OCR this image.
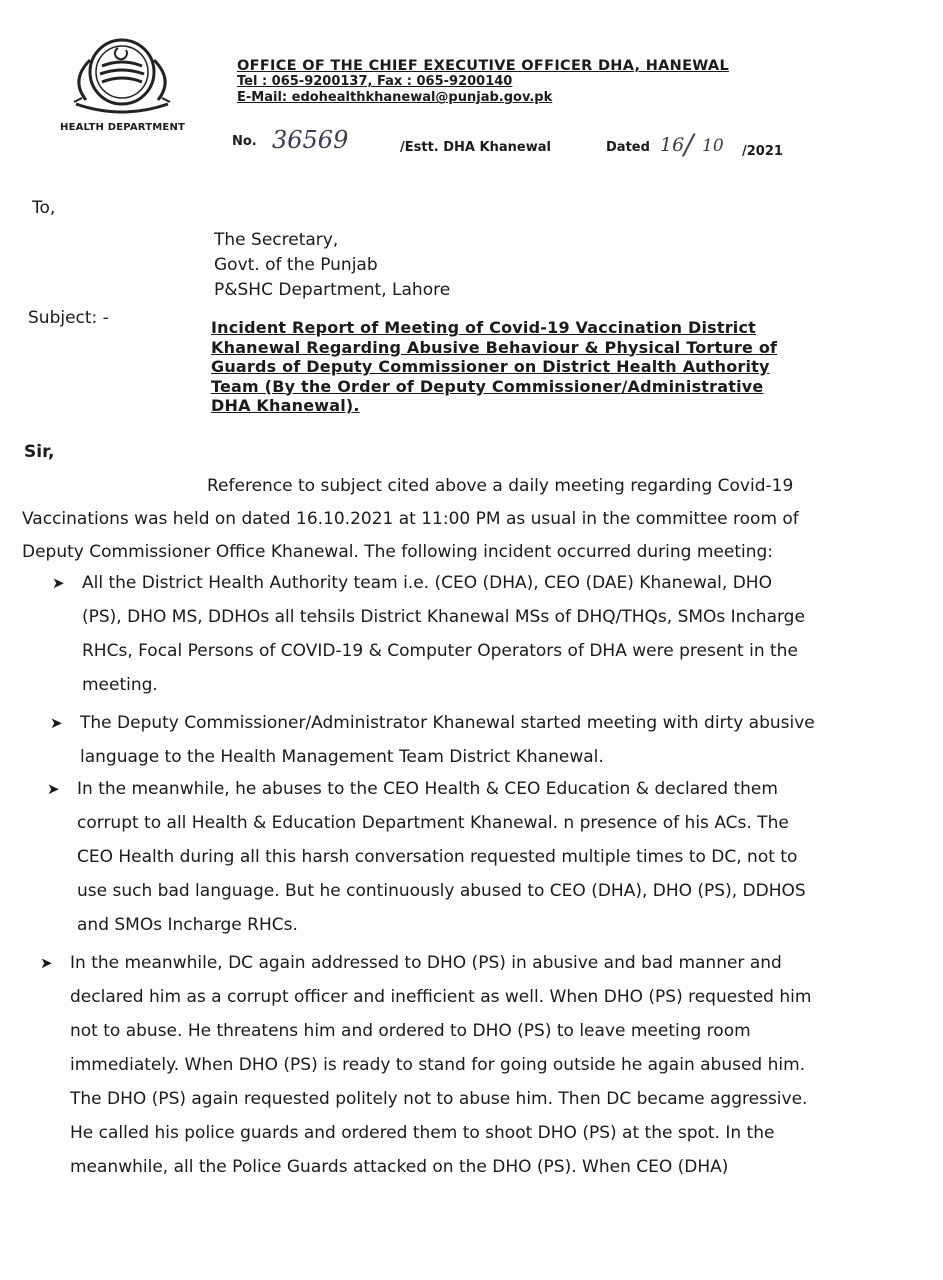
HEALTH DEPARTMENT
OFFICE OF THE CHIEF EXECUTIVE OFFICER DHA, HANEWAL
Tel : 065-9200137, Fax : 065-9200140
E-Mail: edohealthkhanewal@punjab.gov.pk
No. 36569	/Estt. DHA Khanewal	Dated 16 / 10 /2021
To,
The Secretary,
Govt. of the Punjab
P&SHC Department, Lahore
Subject: -	Incident Report of Meeting of Covid-19 Vaccination District
Khanewal Regarding Abusive Behaviour & Physical Torture of
Guards of Deputy Commissioner on District Health Authority
Team (By the Order of Deputy Commissioner/Administrative
DHA Khanewal).
Sir,
Reference to subject cited above a daily meeting regarding Covid-19
Vaccinations was held on dated 16.10.2021 at 11:00 PM as usual in the committee room of
Deputy Commissioner Office Khanewal. The following incident occurred during meeting:
➤ All the District Health Authority team i.e. (CEO (DHA), CEO (DAE) Khanewal, DHO
(PS), DHO MS, DDHOs all tehsils District Khanewal MSs of DHQ/THQs, SMOs Incharge
RHCs, Focal Persons of COVID-19 & Computer Operators of DHA were present in the
meeting.
➤ The Deputy Commissioner/Administrator Khanewal started meeting with dirty abusive
language to the Health Management Team District Khanewal.
➤ In the meanwhile, he abuses to the CEO Health & CEO Education & declared them
corrupt to all Health & Education Department Khanewal. n presence of his ACs. The
CEO Health during all this harsh conversation requested multiple times to DC, not to
use such bad language. But he continuously abused to CEO (DHA), DHO (PS), DDHOS
and SMOs Incharge RHCs.
➤ In the meanwhile, DC again addressed to DHO (PS) in abusive and bad manner and
declared him as a corrupt officer and inefficient as well. When DHO (PS) requested him
not to abuse. He threatens him and ordered to DHO (PS) to leave meeting room
immediately. When DHO (PS) is ready to stand for going outside he again abused him.
The DHO (PS) again requested politely not to abuse him. Then DC became aggressive.
He called his police guards and ordered them to shoot DHO (PS) at the spot. In the
meanwhile, all the Police Guards attacked on the DHO (PS). When CEO (DHA)
